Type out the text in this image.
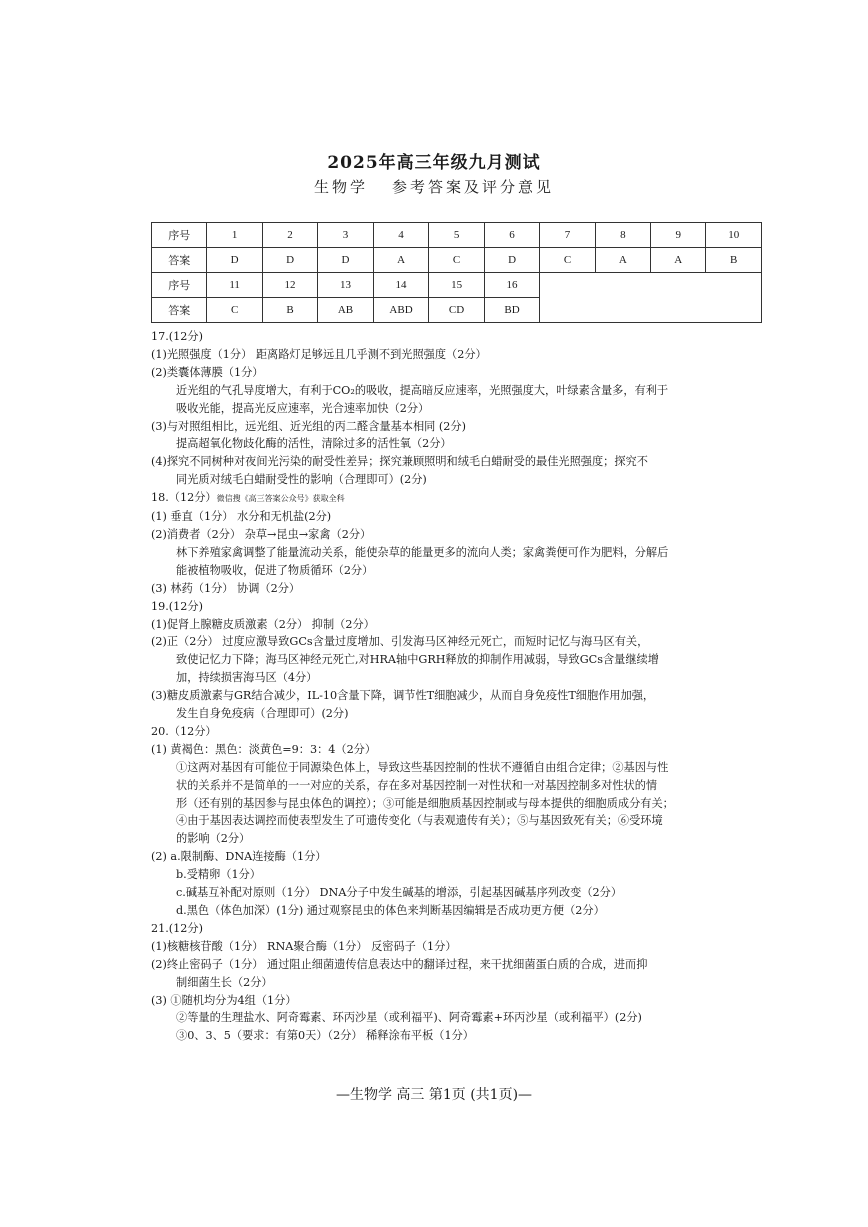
2025年高三年级九月测试
生物学 参考答案及评分意见
序号	1	2	3	4	5	6	7	8	9	10
答案	D	D	D	A	C	D	C	A	A	B
序号	11	12	13	14	15	16				
答案	C	B	AB	ABD	CD	BD				
17.(12分)
(1)光照强度（1分） 距离路灯足够远且几乎测不到光照强度（2分）
(2)类囊体薄膜（1分）
近光组的气孔导度增大，有利于CO₂的吸收，提高暗反应速率，光照强度大，叶绿素含量多，有利于
吸收光能，提高光反应速率，光合速率加快（2分）
(3)与对照组相比，远光组、近光组的丙二醛含量基本相同 (2分)
提高超氧化物歧化酶的活性，清除过多的活性氧（2分）
(4)探究不同树种对夜间光污染的耐受性差异；探究兼顾照明和绒毛白蜡耐受的最佳光照强度；探究不
同光质对绒毛白蜡耐受性的影响（合理即可）(2分)
18.（12分）微信搜《高三答案公众号》获取全科
(1) 垂直（1分） 水分和无机盐(2分)
(2)消费者（2分） 杂草→昆虫→家禽（2分）
林下养殖家禽调整了能量流动关系，能使杂草的能量更多的流向人类；家禽粪便可作为肥料，分解后
能被植物吸收，促进了物质循环（2分）
(3) 林药（1分） 协调（2分）
19.(12分)
(1)促肾上腺糖皮质激素（2分） 抑制（2分）
(2)正（2分） 过度应激导致GCs含量过度增加、引发海马区神经元死亡，而短时记忆与海马区有关，
致使记忆力下降；海马区神经元死亡,对HRA轴中GRH释放的抑制作用减弱，导致GCs含量继续增
加，持续损害海马区（4分）
(3)糖皮质激素与GR结合减少，IL-10含量下降，调节性T细胞减少，从而自身免疫性T细胞作用加强，
发生自身免疫病（合理即可）(2分)
20.（12分）
(1) 黄褐色：黑色：淡黄色=9：3：4（2分）
①这两对基因有可能位于同源染色体上，导致这些基因控制的性状不遵循自由组合定律；②基因与性
状的关系并不是简单的一一对应的关系，存在多对基因控制一对性状和一对基因控制多对性状的情
形（还有别的基因参与昆虫体色的调控）；③可能是细胞质基因控制或与母本提供的细胞质成分有关；
④由于基因表达调控而使表型发生了可遗传变化（与表观遗传有关）；⑤与基因致死有关；⑥受环境
的影响（2分）
(2) a.限制酶、DNA连接酶（1分）
b.受精卵（1分）
c.碱基互补配对原则（1分） DNA分子中发生碱基的增添，引起基因碱基序列改变（2分）
d.黑色（体色加深）(1分) 通过观察昆虫的体色来判断基因编辑是否成功更方便（2分）
21.(12分)
(1)核糖核苷酸（1分） RNA聚合酶（1分） 反密码子（1分）
(2)终止密码子（1分） 通过阻止细菌遗传信息表达中的翻译过程，来干扰细菌蛋白质的合成，进而抑
制细菌生长（2分）
(3) ①随机均分为4组（1分）
②等量的生理盐水、阿奇霉素、环丙沙星（或利福平)、阿奇霉素+环丙沙星（或利福平）(2分)
③0、3、5（要求：有第0天）（2分） 稀释涂布平板（1分）
—生物学 高三 第1页 (共1页)—
